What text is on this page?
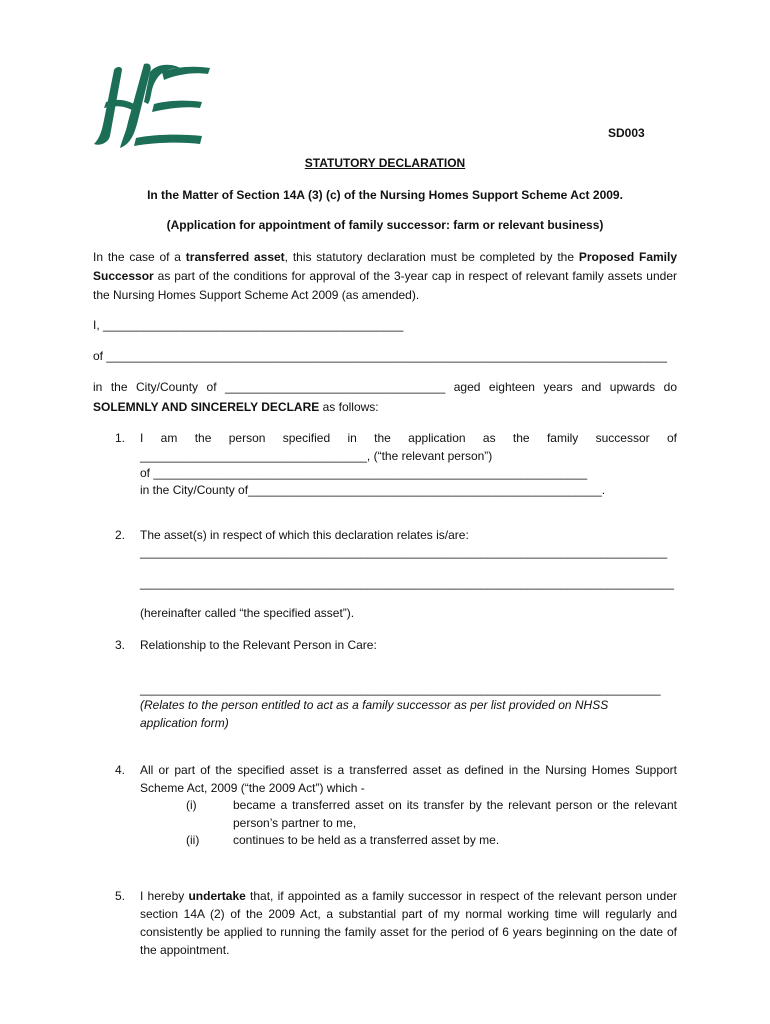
SD003
STATUTORY DECLARATION
In the Matter of Section 14A (3) (c) of the Nursing Homes Support Scheme Act 2009.
(Application for appointment of family successor: farm or relevant business)
In the case of a transferred asset, this statutory declaration must be completed by the Proposed Family Successor as part of the conditions for approval of the 3-year cap in respect of relevant family assets under the Nursing Homes Support Scheme Act 2009 (as amended).
I, _____________________________________________
of ____________________________________________________________________________________
in the City/County of _________________________________ aged eighteen years and upwards do
SOLEMNLY AND SINCERELY DECLARE as follows:
1. I am the person specified in the application as the family successor of
__________________________________, (“the relevant person”)
of _________________________________________________________________
in the City/County of_____________________________________________________.
2. The asset(s) in respect of which this declaration relates is/are:
_______________________________________________________________________________
________________________________________________________________________________
(hereinafter called “the specified asset”).
3. Relationship to the Relevant Person in Care:
______________________________________________________________________________
(Relates to the person entitled to act as a family successor as per list provided on NHSS application form)
4. All or part of the specified asset is a transferred asset as defined in the Nursing Homes Support Scheme Act, 2009 (“the 2009 Act”) which -
(i)	became a transferred asset on its transfer by the relevant person or the relevant person’s partner to me,
(ii)	continues to be held as a transferred asset by me.
5. I hereby undertake that, if appointed as a family successor in respect of the relevant person under section 14A (2) of the 2009 Act, a substantial part of my normal working time will regularly and consistently be applied to running the family asset for the period of 6 years beginning on the date of the appointment.
